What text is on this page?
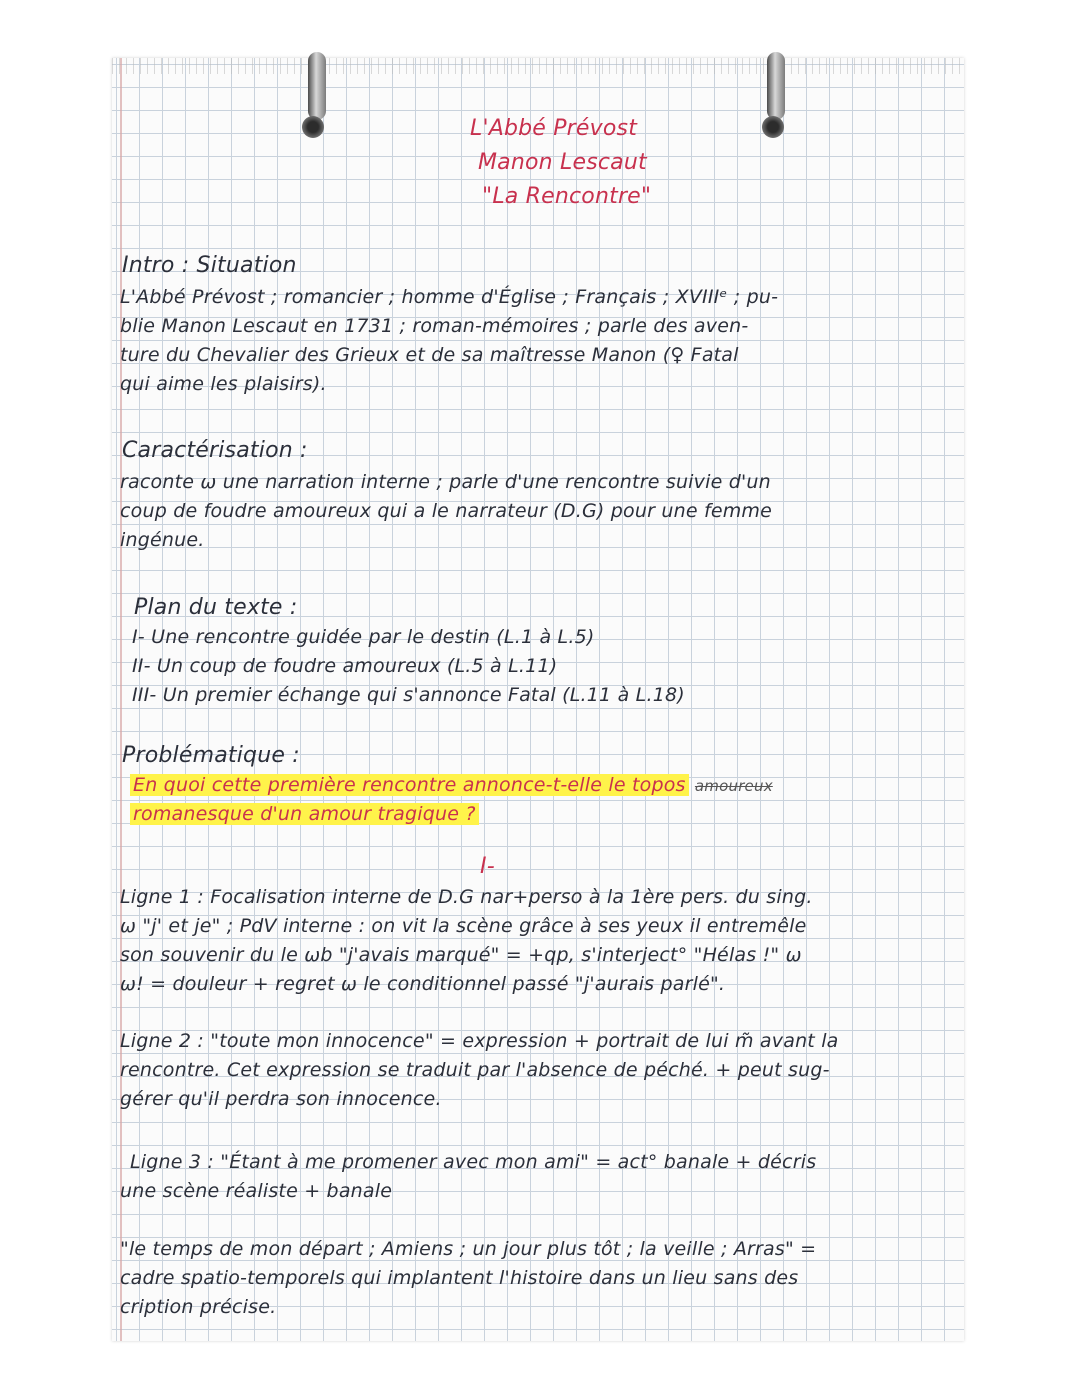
L'Abbé Prévost
Manon Lescaut
"La Rencontre"
Intro : Situation
L'Abbé Prévost ; romancier ; homme d'Église ; Français ; XVIIIᵉ ; pu-
blie Manon Lescaut en 1731 ; roman-mémoires ; parle des aven-
ture du Chevalier des Grieux et de sa maîtresse Manon (♀ Fatal
qui aime les plaisirs).
Caractérisation :
raconte ω une narration interne ; parle d'une rencontre suivie d'un
coup de foudre amoureux qui a le narrateur (D.G) pour une femme
ingénue.
Plan du texte :
I- Une rencontre guidée par le destin (L.1 à L.5)
II- Un coup de foudre amoureux (L.5 à L.11)
III- Un premier échange qui s'annonce Fatal (L.11 à L.18)
Problématique :
En quoi cette première rencontre annonce-t-elle le topos amoureux
romanesque d'un amour tragique ?
I-
Ligne 1 : Focalisation interne de D.G nar+perso à la 1ère pers. du sing.
ω "j' et je" ; PdV interne : on vit la scène grâce à ses yeux il entremêle
son souvenir du le ωb "j'avais marqué" = +qp, s'interject° "Hélas !" ω
ω! = douleur + regret ω le conditionnel passé "j'aurais parlé".
Ligne 2 : "toute mon innocence" = expression + portrait de lui m̃ avant la
rencontre. Cet expression se traduit par l'absence de péché. + peut sug-
gérer qu'il perdra son innocence.
Ligne 3 : "Étant à me promener avec mon ami" = act° banale + décris
une scène réaliste + banale
"le temps de mon départ ; Amiens ; un jour plus tôt ; la veille ; Arras" =
cadre spatio-temporels qui implantent l'histoire dans un lieu sans des
cription précise.
